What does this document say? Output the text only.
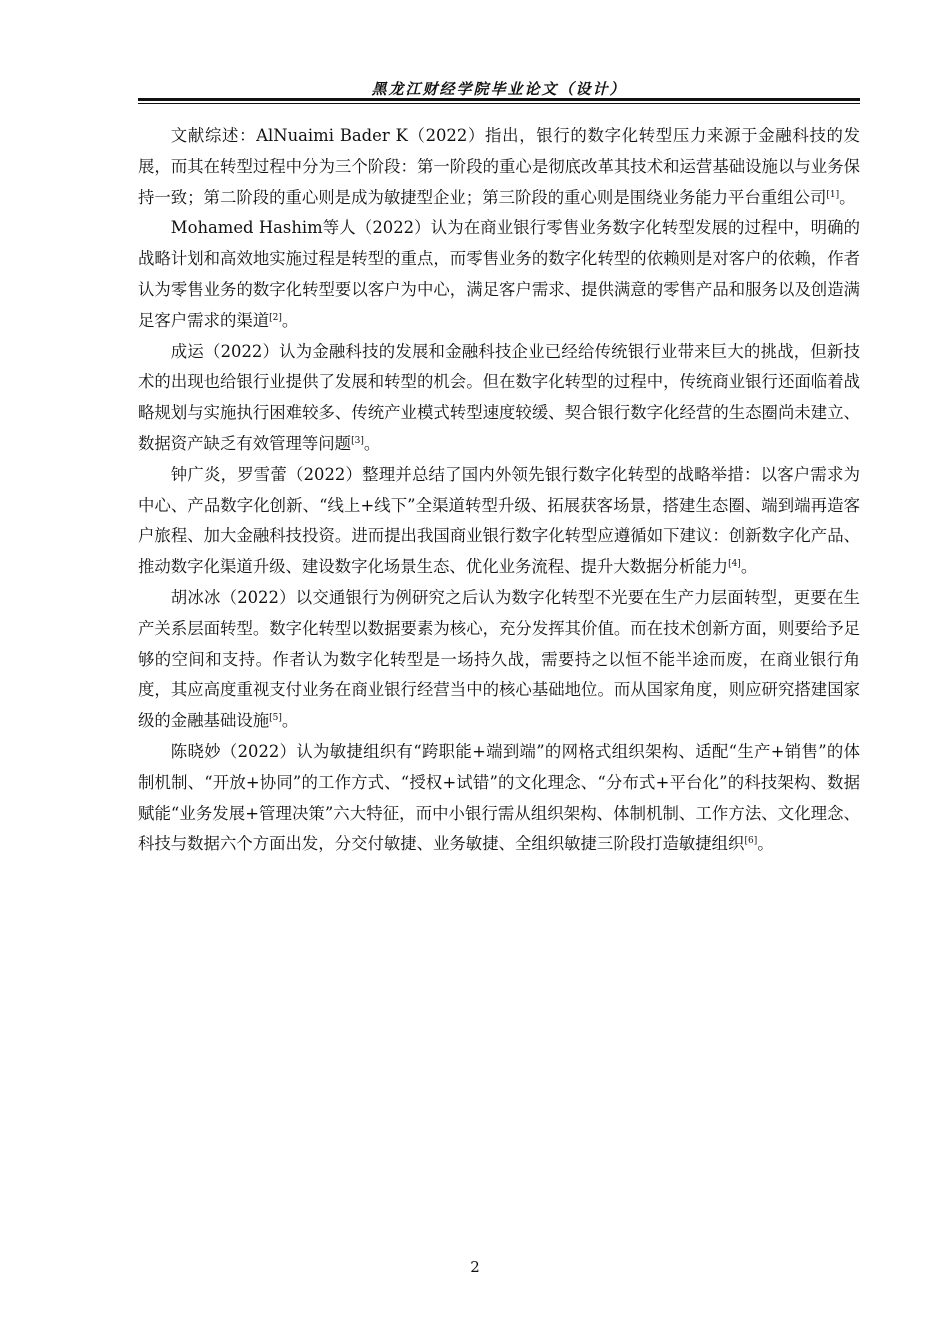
黑龙江财经学院毕业论文（设计）

文献综述：AlNuaimi Bader K（2022）指出，银行的数字化转型压力来源于金融科技的发展，而其在转型过程中分为三个阶段：第一阶段的重心是彻底改革其技术和运营基础设施以与业务保持一致；第二阶段的重心则是成为敏捷型企业；第三阶段的重心则是围绕业务能力平台重组公司[1]。

Mohamed Hashim等人（2022）认为在商业银行零售业务数字化转型发展的过程中，明确的战略计划和高效地实施过程是转型的重点，而零售业务的数字化转型的依赖则是对客户的依赖，作者认为零售业务的数字化转型要以客户为中心，满足客户需求、提供满意的零售产品和服务以及创造满足客户需求的渠道[2]。

成运（2022）认为金融科技的发展和金融科技企业已经给传统银行业带来巨大的挑战，但新技术的出现也给银行业提供了发展和转型的机会。但在数字化转型的过程中，传统商业银行还面临着战略规划与实施执行困难较多、传统产业模式转型速度较缓、契合银行数字化经营的生态圈尚未建立、数据资产缺乏有效管理等问题[3]。

钟广炎，罗雪蕾（2022）整理并总结了国内外领先银行数字化转型的战略举措：以客户需求为中心、产品数字化创新、“线上+线下”全渠道转型升级、拓展获客场景，搭建生态圈、端到端再造客户旅程、加大金融科技投资。进而提出我国商业银行数字化转型应遵循如下建议：创新数字化产品、推动数字化渠道升级、建设数字化场景生态、优化业务流程、提升大数据分析能力[4]。

胡冰冰（2022）以交通银行为例研究之后认为数字化转型不光要在生产力层面转型，更要在生产关系层面转型。数字化转型以数据要素为核心，充分发挥其价值。而在技术创新方面，则要给予足够的空间和支持。作者认为数字化转型是一场持久战，需要持之以恒不能半途而废，在商业银行角度，其应高度重视支付业务在商业银行经营当中的核心基础地位。而从国家角度，则应研究搭建国家级的金融基础设施[5]。

陈晓妙（2022）认为敏捷组织有“跨职能+端到端”的网格式组织架构、适配“生产+销售”的体制机制、“开放+协同”的工作方式、“授权+试错”的文化理念、“分布式+平台化”的科技架构、数据赋能“业务发展+管理决策”六大特征，而中小银行需从组织架构、体制机制、工作方法、文化理念、科技与数据六个方面出发，分交付敏捷、业务敏捷、全组织敏捷三阶段打造敏捷组织[6]。

2
